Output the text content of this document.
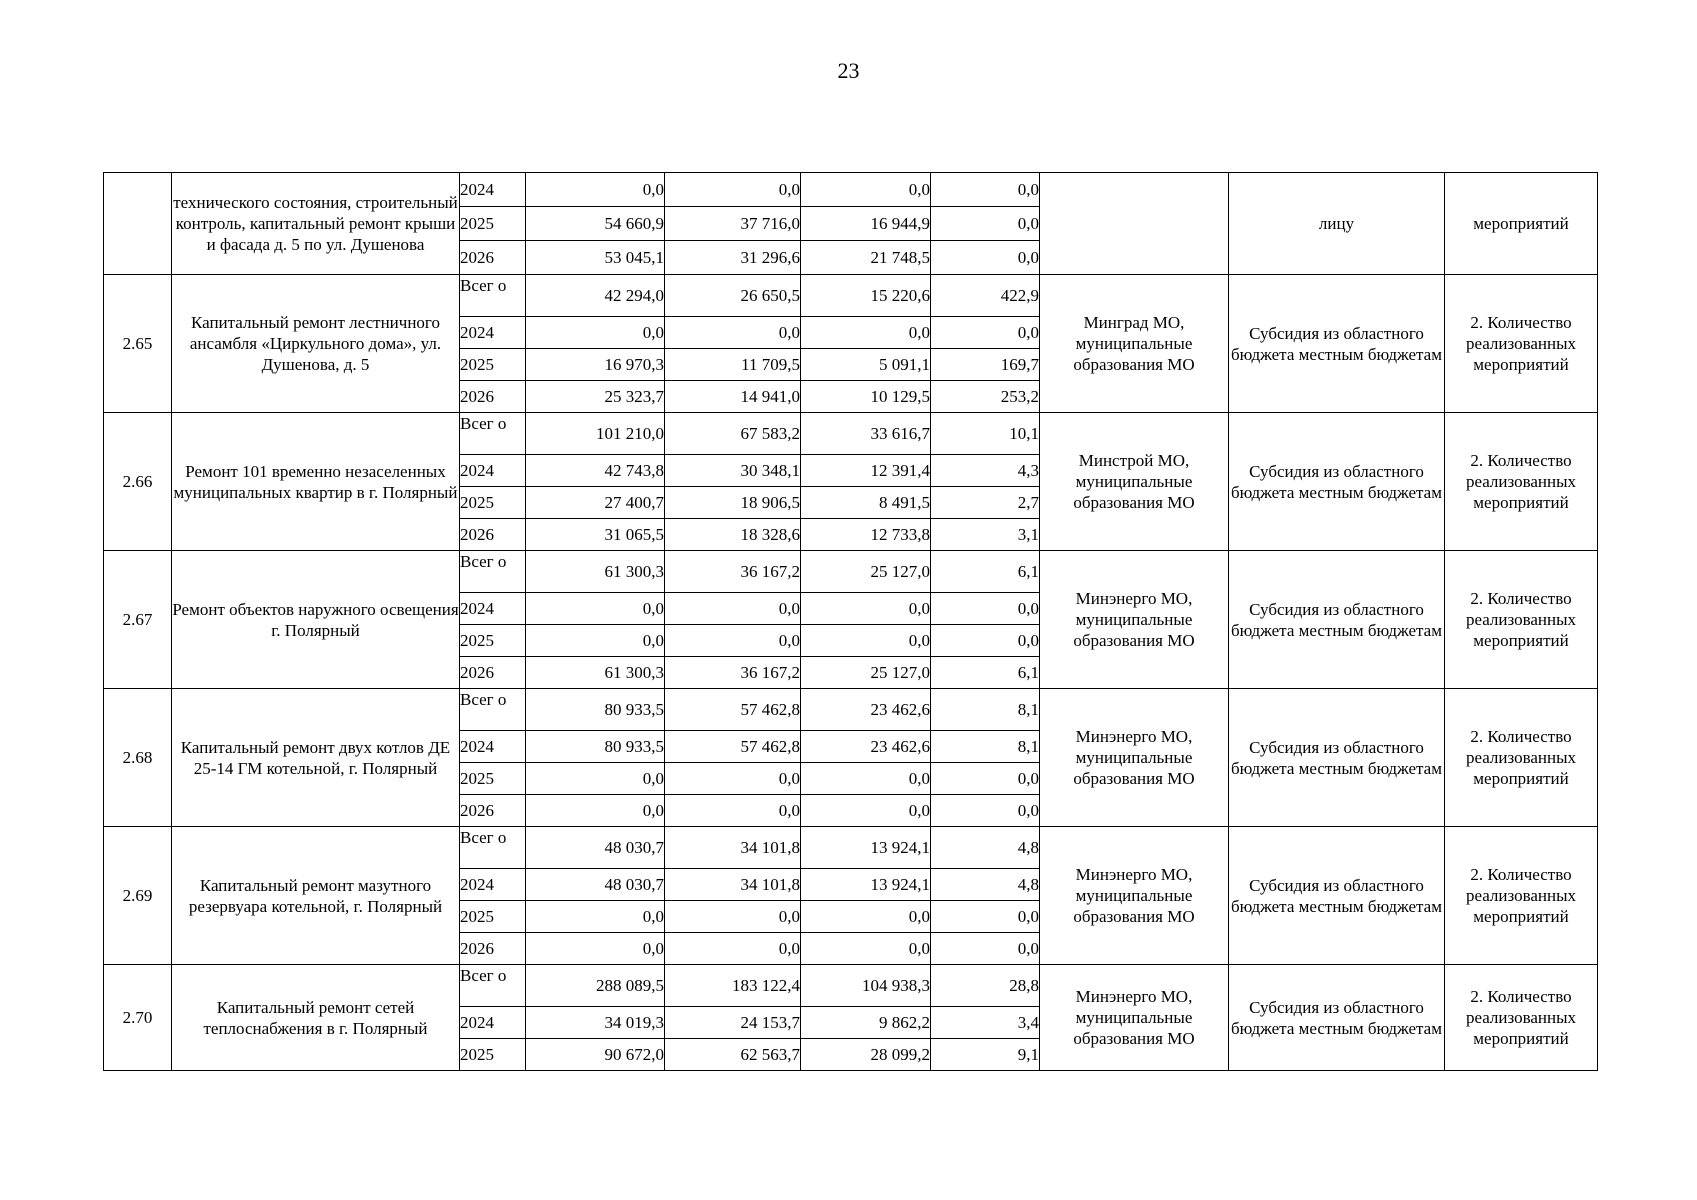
23
	технического состояния, строительный контроль, капитальный ремонт крыши и фасада д. 5 по ул. Душенова	2024	0,0	0,0	0,0	0,0		лицу	мероприятий
		2025	54 660,9	37 716,0	16 944,9	0,0			
		2026	53 045,1	31 296,6	21 748,5	0,0			
2.65	Капитальный ремонт лестничного ансамбля «Циркульного дома», ул. Душенова, д. 5	Всег о	42 294,0	26 650,5	15 220,6	422,9	Минград МО, муниципальные образования МО	Субсидия из областного бюджета местным бюджетам	2. Количество реализованных мероприятий
		2024	0,0	0,0	0,0	0,0			
		2025	16 970,3	11 709,5	5 091,1	169,7			
		2026	25 323,7	14 941,0	10 129,5	253,2			
2.66	Ремонт 101 временно незаселенных муниципальных квартир в г. Полярный	Всег о	101 210,0	67 583,2	33 616,7	10,1	Минстрой МО, муниципальные образования МО	Субсидия из областного бюджета местным бюджетам	2. Количество реализованных мероприятий
		2024	42 743,8	30 348,1	12 391,4	4,3			
		2025	27 400,7	18 906,5	8 491,5	2,7			
		2026	31 065,5	18 328,6	12 733,8	3,1			
2.67	Ремонт объектов наружного освещения г. Полярный	Всег о	61 300,3	36 167,2	25 127,0	6,1	Минэнерго МО, муниципальные образования МО	Субсидия из областного бюджета местным бюджетам	2. Количество реализованных мероприятий
		2024	0,0	0,0	0,0	0,0			
		2025	0,0	0,0	0,0	0,0			
		2026	61 300,3	36 167,2	25 127,0	6,1			
2.68	Капитальный ремонт двух котлов ДЕ 25-14 ГМ котельной, г. Полярный	Всег о	80 933,5	57 462,8	23 462,6	8,1	Минэнерго МО, муниципальные образования МО	Субсидия из областного бюджета местным бюджетам	2. Количество реализованных мероприятий
		2024	80 933,5	57 462,8	23 462,6	8,1			
		2025	0,0	0,0	0,0	0,0			
		2026	0,0	0,0	0,0	0,0			
2.69	Капитальный ремонт мазутного резервуара котельной, г. Полярный	Всег о	48 030,7	34 101,8	13 924,1	4,8	Минэнерго МО, муниципальные образования МО	Субсидия из областного бюджета местным бюджетам	2. Количество реализованных мероприятий
		2024	48 030,7	34 101,8	13 924,1	4,8			
		2025	0,0	0,0	0,0	0,0			
		2026	0,0	0,0	0,0	0,0			
2.70	Капитальный ремонт сетей теплоснабжения в г. Полярный	Всег о	288 089,5	183 122,4	104 938,3	28,8	Минэнерго МО, муниципальные образования МО	Субсидия из областного бюджета местным бюджетам	2. Количество реализованных мероприятий
		2024	34 019,3	24 153,7	9 862,2	3,4			
		2025	90 672,0	62 563,7	28 099,2	9,1			
